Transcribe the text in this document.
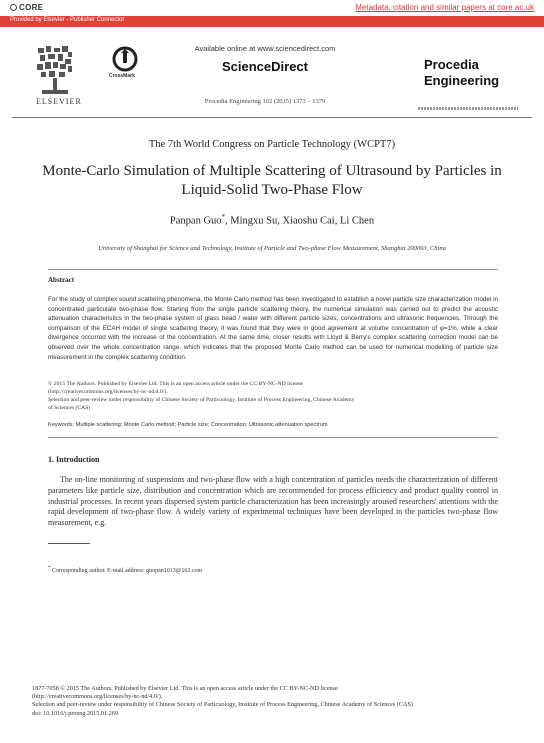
CORE	Metadata, citation and similar papers at core.ac.uk
Provided by Elsevier - Publisher Connector
ELSEVIER
CrossMark
Available online at www.sciencedirect.com
ScienceDirect
Procedia Engineering 102 (2015) 1373 – 1379
Procedia
Engineering
The 7th World Congress on Particle Technology (WCPT7)
Monte-Carlo Simulation of Multiple Scattering of Ultrasound by Particles in Liquid-Solid Two-Phase Flow
Panpan Guo*, Mingxu Su, Xiaoshu Cai, Li Chen
University of Shanghai for Science and Technology, Institute of Particle and Two-phase Flow Measurement, Shanghai 200093, China
Abstract
For the study of complex sound scattering phenomena, the Monte Carlo method has been investigated to establish a novel particle size characterization model in concentrated particulate two-phase flow. Starting from the single particle scattering theory, the numerical simulation was carried out to predict the acoustic attenuation characteristics in the two-phase system of glass bead / water with different particle sizes, concentrations and ultrasonic frequencies. Through the comparison of the ECAH model of single scattering theory, it was found that they were in good agreement at volume concentration of φ=1%, while a clear divergence occurred with the increase of the concentration. At the same time, closer results with Lloyd & Berry's complex scattering correction model can be observed over the whole concentration range, which indicates that the proposed Monte Carlo method can be used for numerical modelling of particle size measurement in the complex scattering condition.
© 2015 The Authors. Published by Elsevier Ltd. This is an open access article under the CC BY-NC-ND license
(http://creativecommons.org/licenses/by-nc-nd/4.0/).
Selection and peer-review under responsibility of Chinese Society of Particuology, Institute of Process Engineering, Chinese Academy
of Sciences (CAS)
Keywords: Multiple scattering; Monte Carlo method; Particle size; Concentration; Ultrasonic attenuation spectrum
1. Introduction
The on-line monitoring of suspensions and two-phase flow with a high concentration of particles needs the characterization of different parameters like particle size, distribution and concentration which are recommended for process efficiency and product quality control in industrial processes. In recent years dispersed system particle characterization has been increasingly aroused researchers' attentions with the rapid development of two-phase flow. A widely variety of experimental techniques have been developed in the particles two-phase flow measurement, e.g.
* Corresponding author. E-mail address: guopan1013@163.com
1877-7058 © 2015 The Authors. Published by Elsevier Ltd. This is an open access article under the CC BY-NC-ND license
(http://creativecommons.org/licenses/by-nc-nd/4.0/).
Selection and peer-review under responsibility of Chinese Society of Particuology, Institute of Process Engineering, Chinese Academy of Sciences (CAS)
doi: 10.1016/j.proeng.2015.01.269
